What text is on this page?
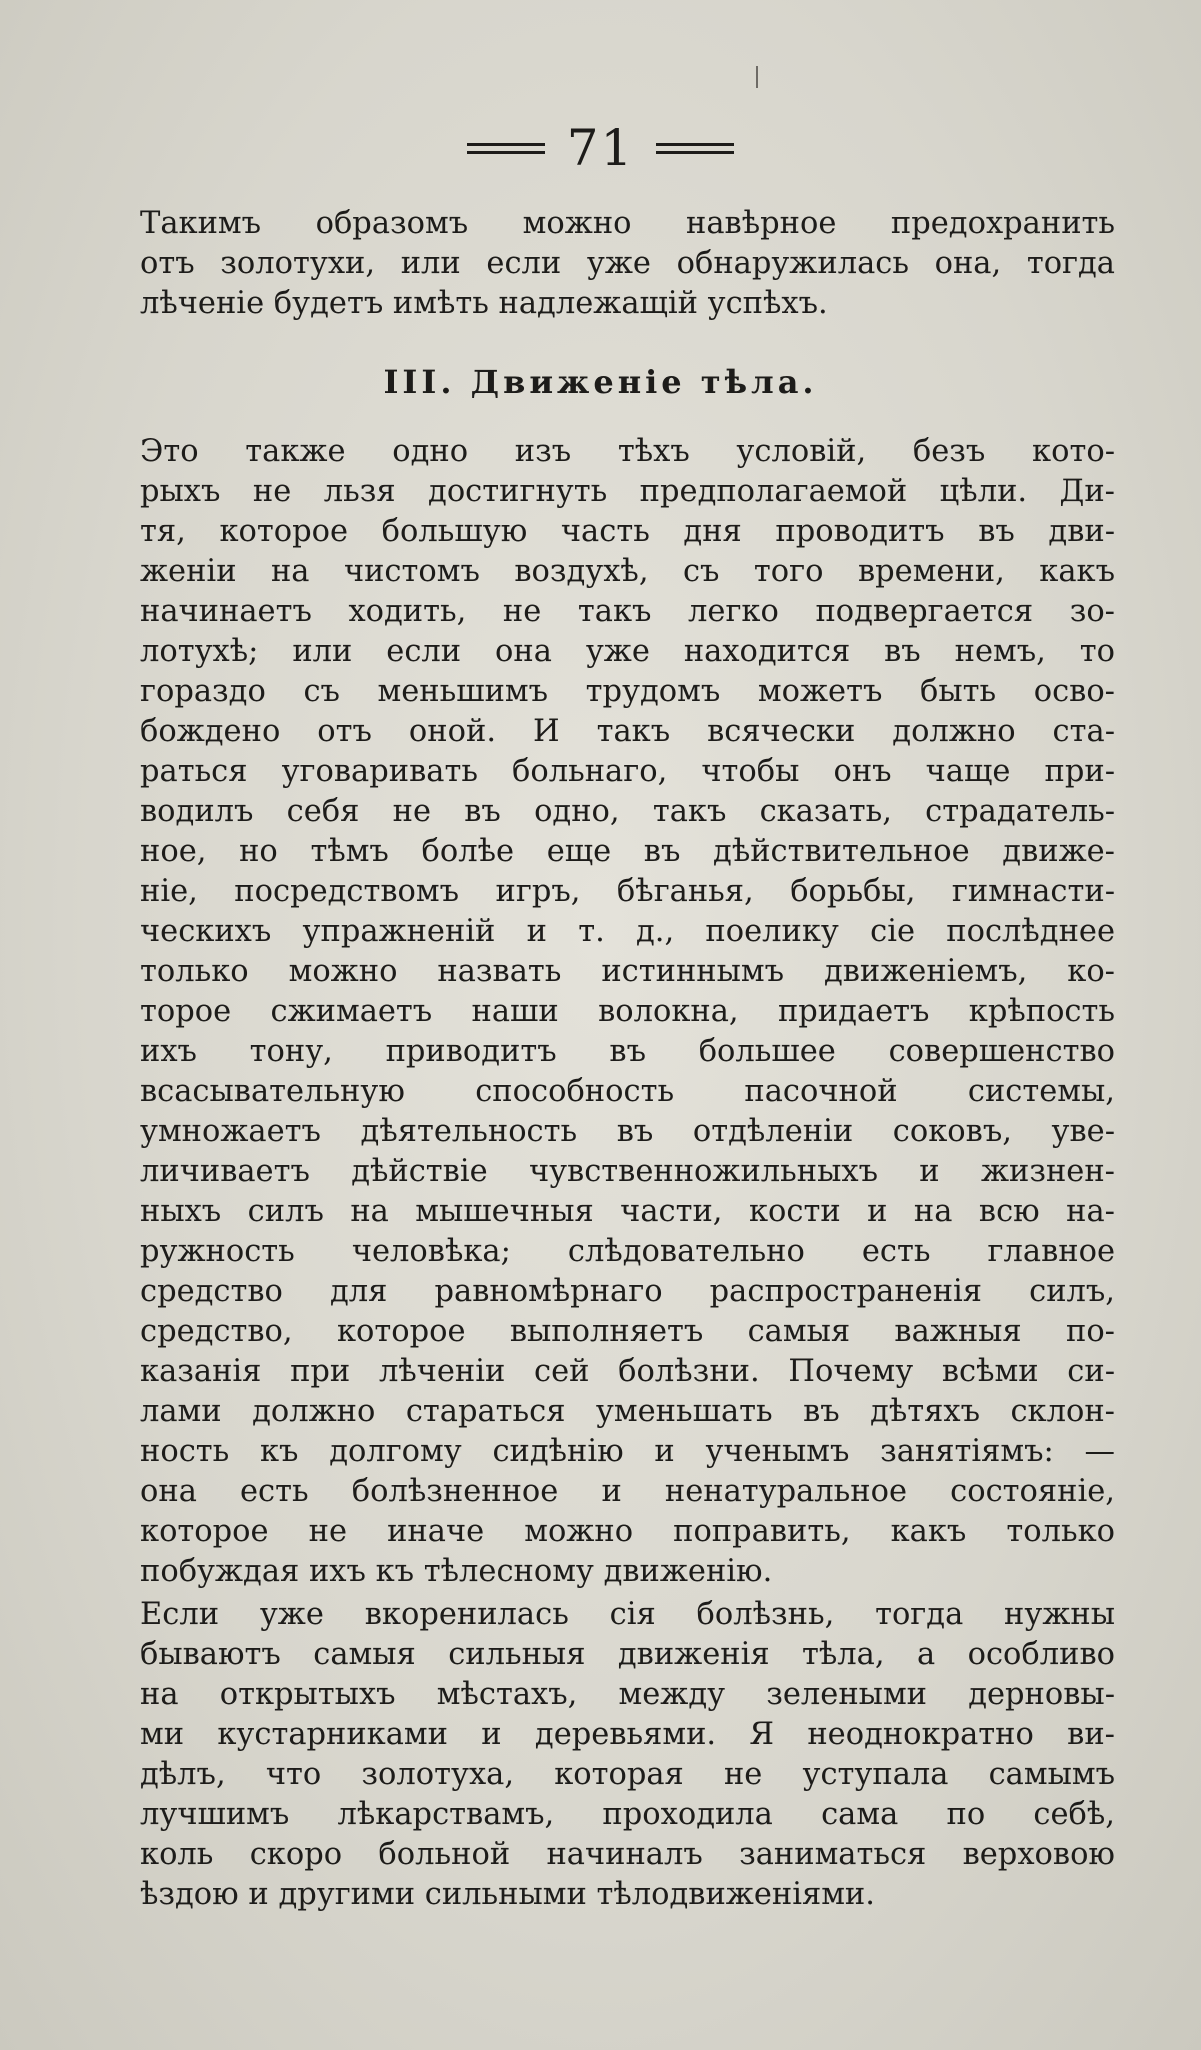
71
Такимъ образомъ можно навѣрное предохранить
отъ золотухи, или если уже обнаружилась она, тогда
лѣченіе будетъ имѣть надлежащій успѣхъ.
III. Движеніе тѣла.
Это также одно изъ тѣхъ условій, безъ кото-
рыхъ не льзя достигнуть предполагаемой цѣли. Ди-
тя, которое большую часть дня проводитъ въ дви-
женіи на чистомъ воздухѣ, съ того времени, какъ
начинаетъ ходить, не такъ легко подвергается зо-
лотухѣ; или если она уже находится въ немъ, то
гораздо съ меньшимъ трудомъ можетъ быть осво-
бождено отъ оной. И такъ всячески должно ста-
раться уговаривать больнаго, чтобы онъ чаще при-
водилъ себя не въ одно, такъ сказать, страдатель-
ное, но тѣмъ болѣе еще въ дѣйствительное движе-
ніе, посредствомъ игръ, бѣганья, борьбы, гимнасти-
ческихъ упражненій и т. д., поелику сіе послѣднее
только можно назвать истиннымъ движеніемъ, ко-
торое сжимаетъ наши волокна, придаетъ крѣпость
ихъ тону, приводитъ въ большее совершенство
всасывательную способность пасочной системы,
умножаетъ дѣятельность въ отдѣленіи соковъ, уве-
личиваетъ дѣйствіе чувственножильныхъ и жизнен-
ныхъ силъ на мышечныя части, кости и на всю на-
ружность человѣка; слѣдовательно есть главное
средство для равномѣрнаго распространенія силъ,
средство, которое выполняетъ самыя важныя по-
казанія при лѣченіи сей болѣзни. Почему всѣми си-
лами должно стараться уменьшать въ дѣтяхъ склон-
ность къ долгому сидѣнію и ученымъ занятіямъ: —
она есть болѣзненное и ненатуральное состояніе,
которое не иначе можно поправить, какъ только
побуждая ихъ къ тѣлесному движенію.
Если уже вкоренилась сія болѣзнь, тогда нужны
бываютъ самыя сильныя движенія тѣла, а особливо
на открытыхъ мѣстахъ, между зелеными дерновы-
ми кустарниками и деревьями. Я неоднократно ви-
дѣлъ, что золотуха, которая не уступала самымъ
лучшимъ лѣкарствамъ, проходила сама по себѣ,
коль скоро больной начиналъ заниматься верховою
ѣздою и другими сильными тѣлодвиженіями.
